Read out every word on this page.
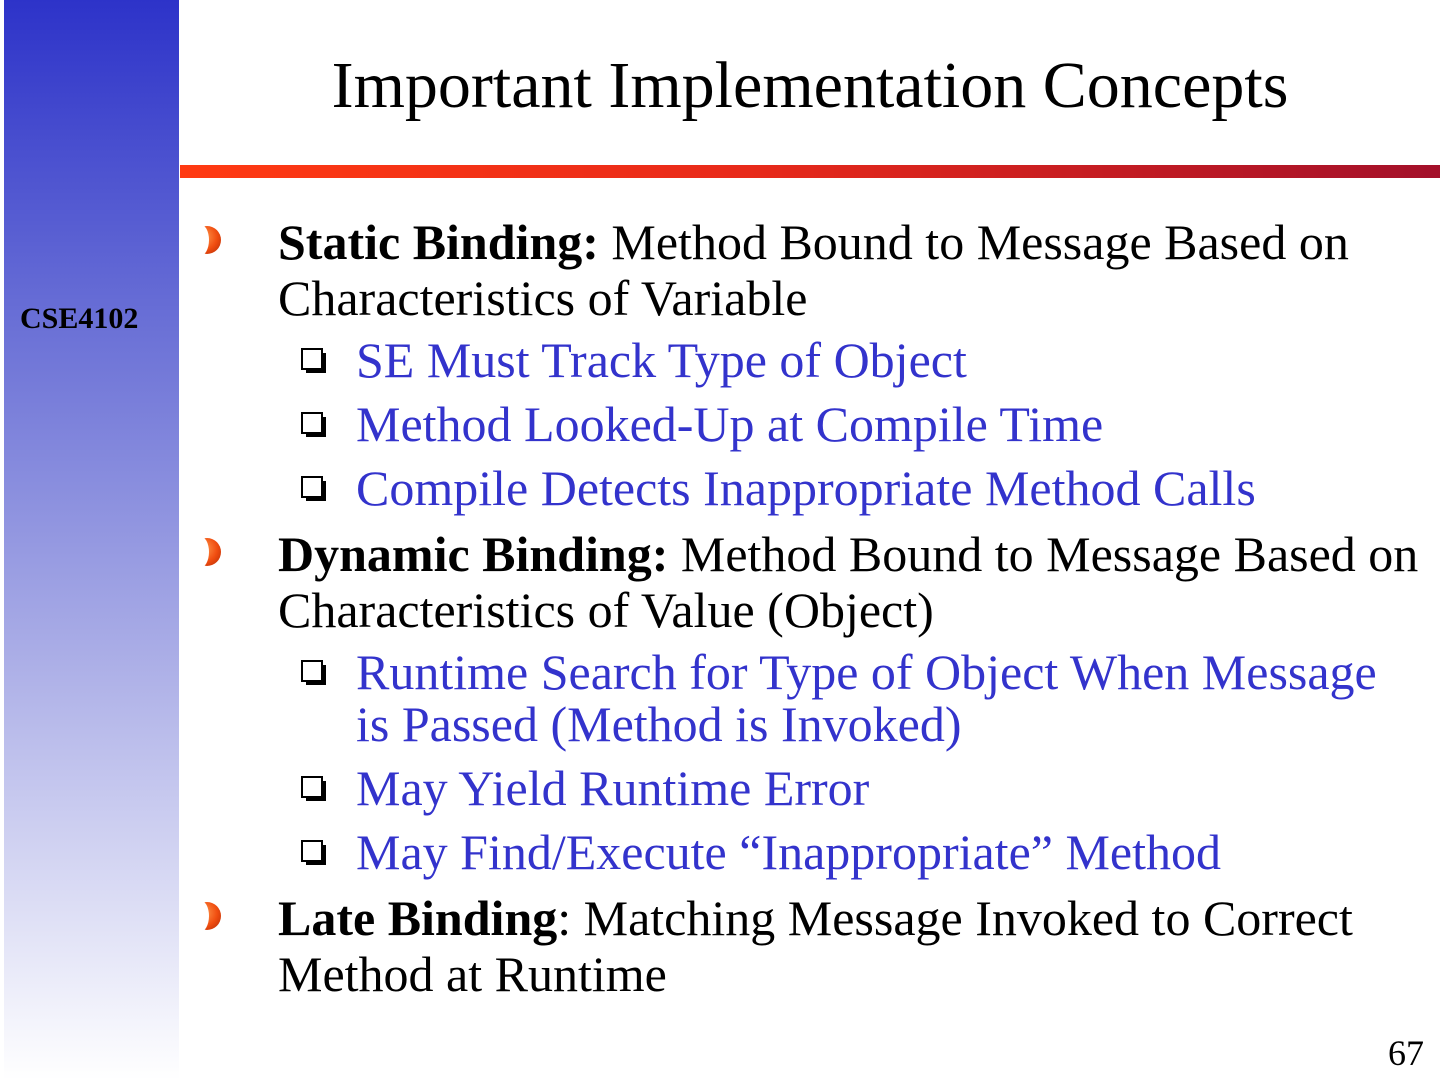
CSE4102
Important Implementation Concepts
Static Binding: Method Bound to Message Based on Characteristics of Variable
SE Must Track Type of Object
Method Looked-Up at Compile Time
Compile Detects Inappropriate Method Calls
Dynamic Binding: Method Bound to Message Based on Characteristics of Value (Object)
Runtime Search for Type of Object When Message is Passed (Method is Invoked)
May Yield Runtime Error
May Find/Execute “Inappropriate” Method
Late Binding: Matching Message Invoked to Correct Method at Runtime
67
